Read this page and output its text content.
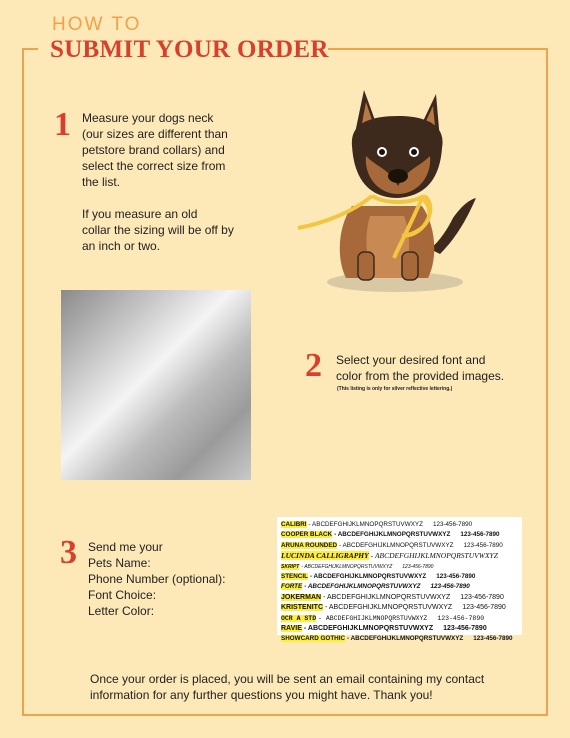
HOW TO
SUBMIT YOUR ORDER
1 Measure your dogs neck
(our sizes are different than
petstore brand collars) and
select the correct size from
the list.
If you measure an old
collar the sizing will be off by
an inch or two.
2 Select your desired font and
color from the provided images.
(This listing is only for silver reflective lettering.)
3 Send me your
Pets Name:
Phone Number (optional):
Font Choice:
Letter Color:
CALIBRI - ABCDEFGHIJKLMNOPQRSTUVWXYZ 123-456-7890
COOPER BLACK - ABCDEFGHIJKLMNOPQRSTUVWXYZ 123-456-7890
ARUNA ROUNDED - ABCDEFGHIJKLMNOPQRSTUVWXYZ 123-456-7890
LUCINDA CALLIGRAPHY - ABCDEFGHIJKLMNOPQRSTUVWXYZ
SKRIPT - ABCDEFGHIJKLMNOPQRSTUVWXYZ 123-456-7890
STENCIL - ABCDEFGHIJKLMNOPQRSTUVWXYZ 123-456-7890
FORTE - ABCDEFGHIJKLMNOPQRSTUVWXYZ 123-456-7890
JOKERMAN - ABCDEFGHIJKLMNOPQRSTUVWXYZ 123-456-7890
KRISTENITC - ABCDEFGHIJKLMNOPQRSTUVWXYZ 123-456-7890
OCR A STD - ABCDEFGHIJKLMNOPQRSTUVWXYZ 123-456-7890
RAVIE - ABCDEFGHIJKLMNOPQRSTUVWXYZ 123-456-7890
SHOWCARD GOTHIC - ABCDEFGHIJKLMNOPQRSTUVWXYZ 123-456-7890
Once your order is placed, you will be sent an email containing my contact
information for any further questions you might have. Thank you!
